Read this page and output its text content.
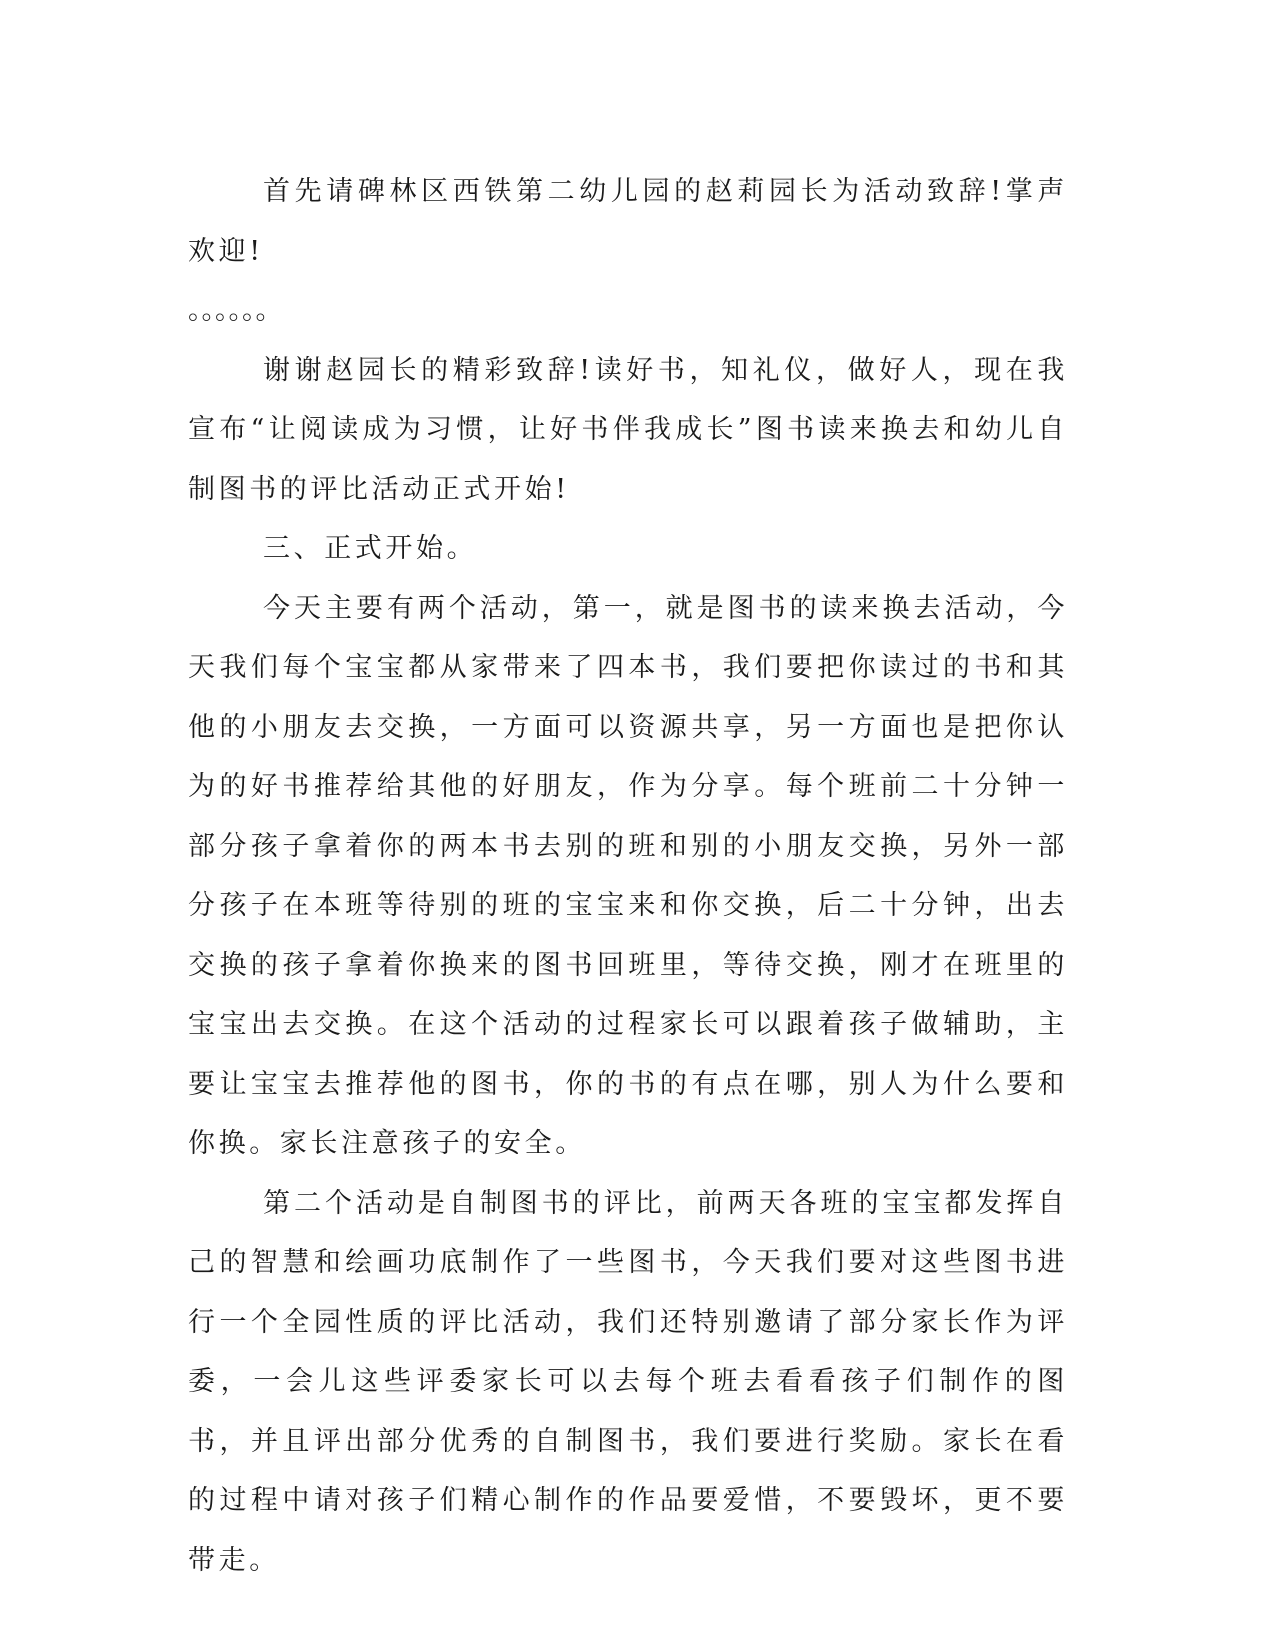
首先请碑林区西铁第二幼儿园的赵莉园长为活动致辞!掌声欢迎!

。。。。。。

谢谢赵园长的精彩致辞!读好书，知礼仪，做好人，现在我宣布“让阅读成为习惯，让好书伴我成长”图书读来换去和幼儿自制图书的评比活动正式开始!

三、正式开始。

今天主要有两个活动，第一，就是图书的读来换去活动，今天我们每个宝宝都从家带来了四本书，我们要把你读过的书和其他的小朋友去交换，一方面可以资源共享，另一方面也是把你认为的好书推荐给其他的好朋友，作为分享。每个班前二十分钟一部分孩子拿着你的两本书去别的班和别的小朋友交换，另外一部分孩子在本班等待别的班的宝宝来和你交换，后二十分钟，出去交换的孩子拿着你换来的图书回班里，等待交换，刚才在班里的宝宝出去交换。在这个活动的过程家长可以跟着孩子做辅助，主要让宝宝去推荐他的图书，你的书的有点在哪，别人为什么要和你换。家长注意孩子的安全。

第二个活动是自制图书的评比，前两天各班的宝宝都发挥自己的智慧和绘画功底制作了一些图书，今天我们要对这些图书进行一个全园性质的评比活动，我们还特别邀请了部分家长作为评委，一会儿这些评委家长可以去每个班去看看孩子们制作的图书，并且评出部分优秀的自制图书，我们要进行奖励。家长在看的过程中请对孩子们精心制作的作品要爱惜，不要毁坏，更不要带走。
